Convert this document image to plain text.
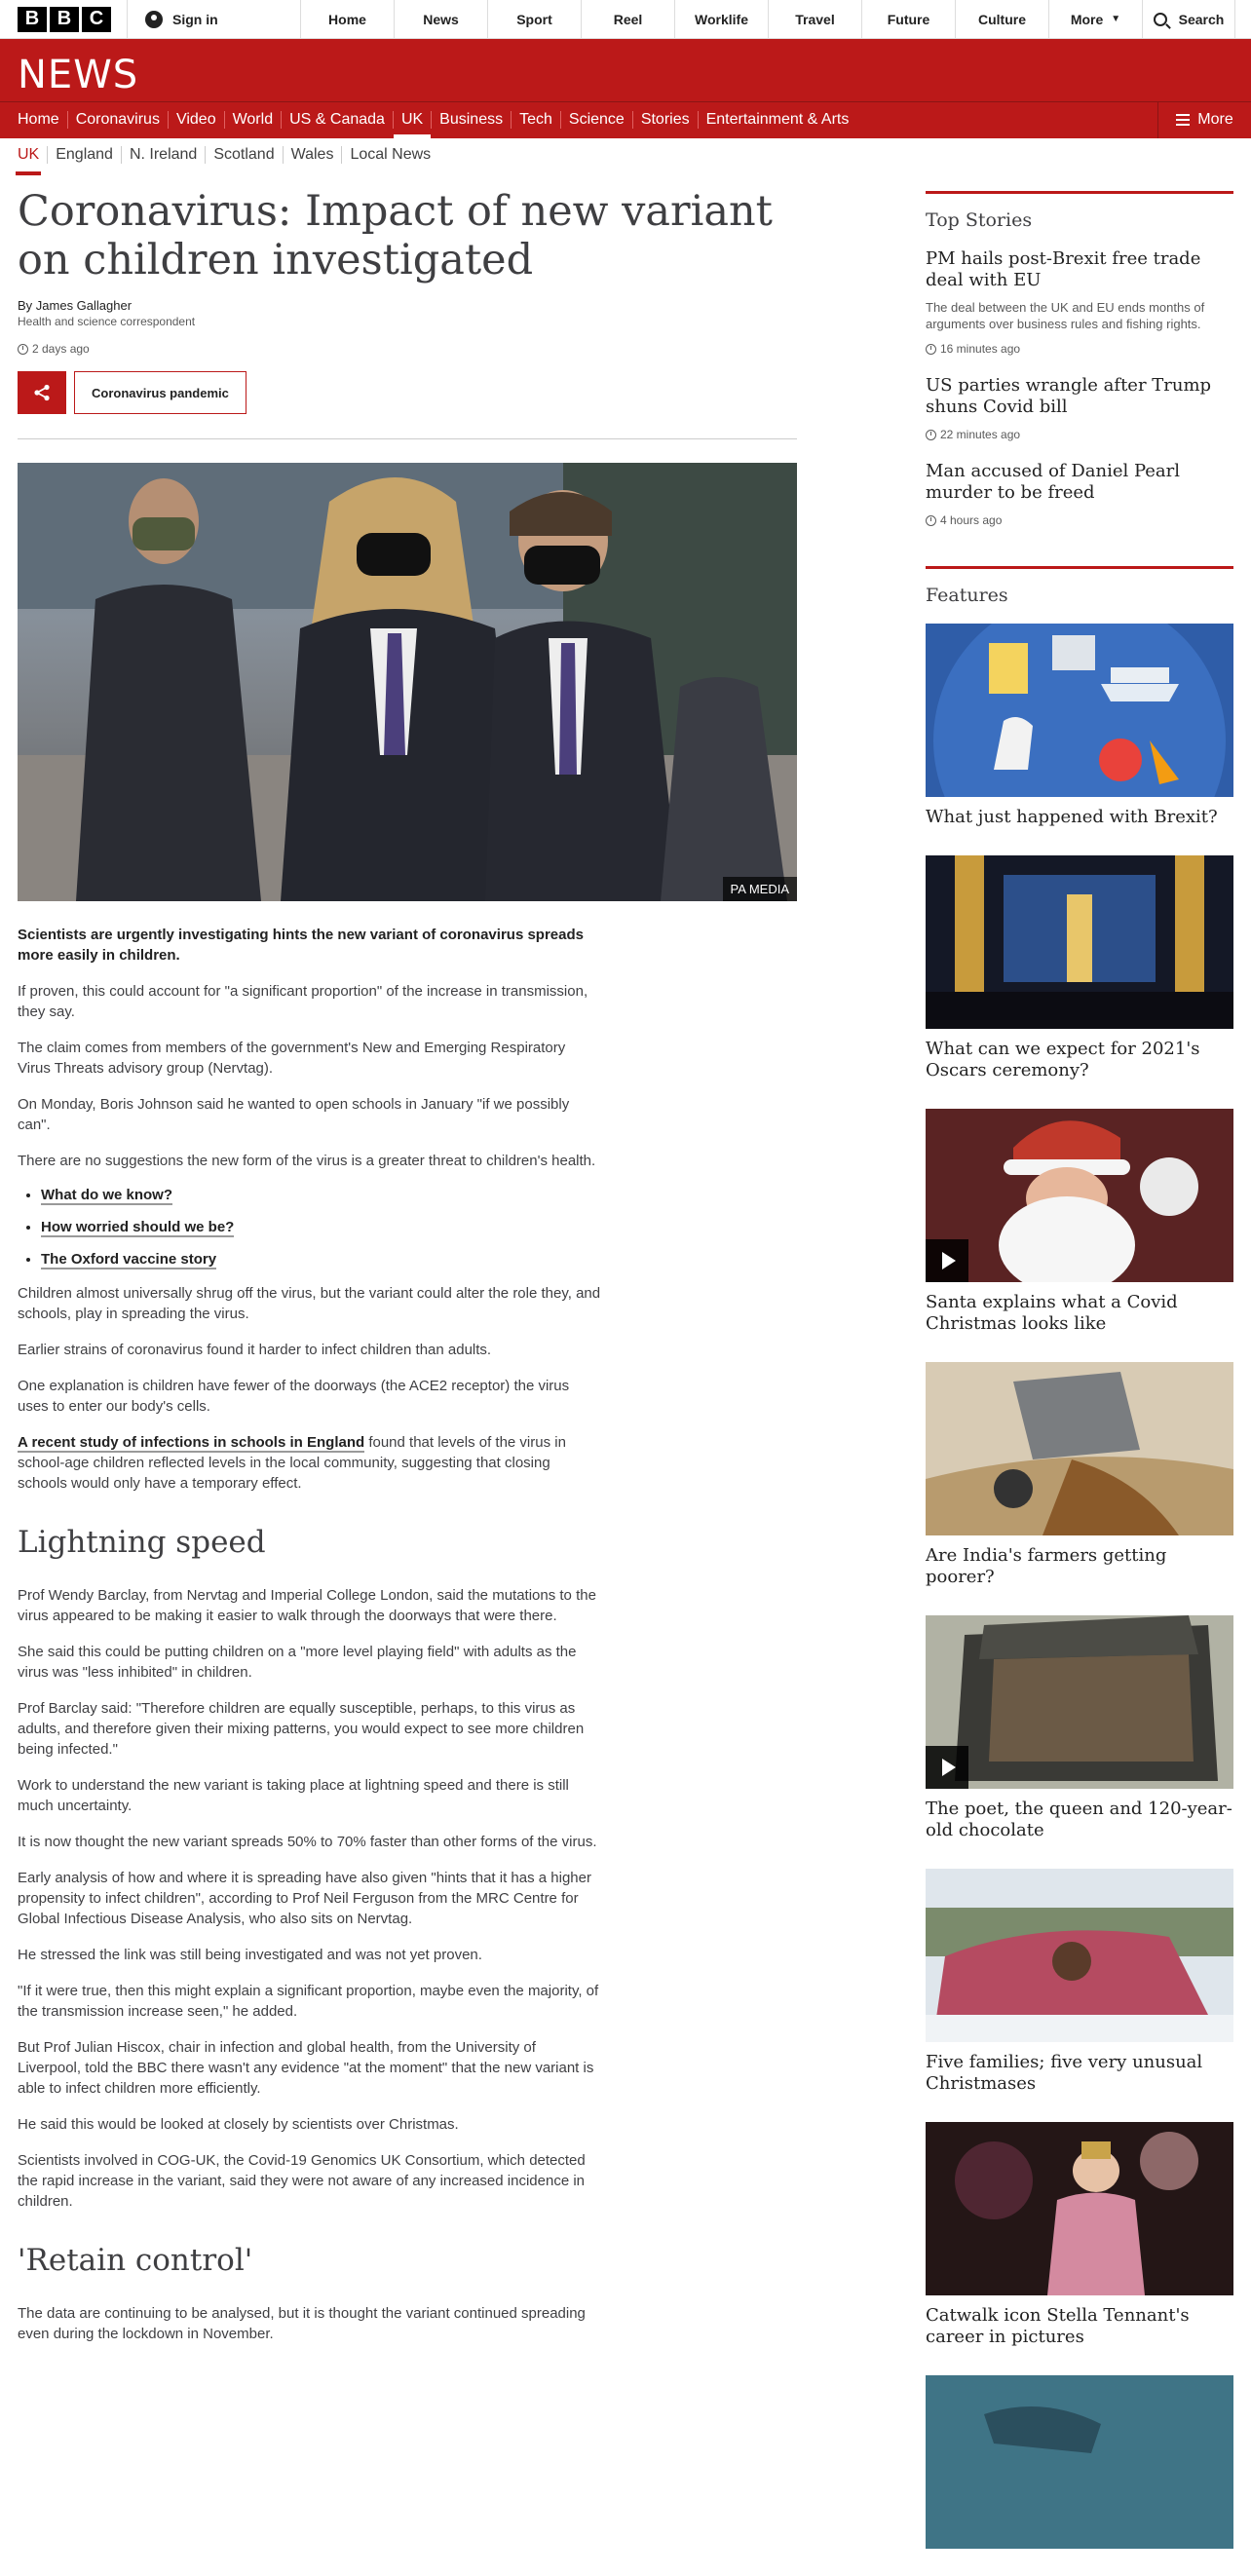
B B C	Sign in	Home	News	Sport	Reel	Worklife	Travel	Future	Culture	More ▼	Search
NEWS
Home	Coronavirus	Video	World	US & Canada	UK	Business	Tech	Science	Stories	Entertainment & Arts	More
UK	England	N. Ireland	Scotland	Wales	Local News
Coronavirus: Impact of new variant on children investigated
By James Gallagher
Health and science correspondent
2 days ago
Coronavirus pandemic
PA MEDIA

Scientists are urgently investigating hints the new variant of coronavirus spreads more easily in children.

If proven, this could account for "a significant proportion" of the increase in transmission, they say.

The claim comes from members of the government's New and Emerging Respiratory Virus Threats advisory group (Nervtag).

On Monday, Boris Johnson said he wanted to open schools in January "if we possibly can".

There are no suggestions the new form of the virus is a greater threat to children's health.

• What do we know?
• How worried should we be?
• The Oxford vaccine story

Children almost universally shrug off the virus, but the variant could alter the role they, and schools, play in spreading the virus.

Earlier strains of coronavirus found it harder to infect children than adults.

One explanation is children have fewer of the doorways (the ACE2 receptor) the virus uses to enter our body's cells.

A recent study of infections in schools in England found that levels of the virus in school-age children reflected levels in the local community, suggesting that closing schools would only have a temporary effect.

Lightning speed

Prof Wendy Barclay, from Nervtag and Imperial College London, said the mutations to the virus appeared to be making it easier to walk through the doorways that were there.

She said this could be putting children on a "more level playing field" with adults as the virus was "less inhibited" in children.

Prof Barclay said: "Therefore children are equally susceptible, perhaps, to this virus as adults, and therefore given their mixing patterns, you would expect to see more children being infected."

Work to understand the new variant is taking place at lightning speed and there is still much uncertainty.

It is now thought the new variant spreads 50% to 70% faster than other forms of the virus.

Early analysis of how and where it is spreading have also given "hints that it has a higher propensity to infect children", according to Prof Neil Ferguson from the MRC Centre for Global Infectious Disease Analysis, who also sits on Nervtag.

He stressed the link was still being investigated and was not yet proven.

"If it were true, then this might explain a significant proportion, maybe even the majority, of the transmission increase seen," he added.

But Prof Julian Hiscox, chair in infection and global health, from the University of Liverpool, told the BBC there wasn't any evidence "at the moment" that the new variant is able to infect children more efficiently.

He said this would be looked at closely by scientists over Christmas.

Scientists involved in COG-UK, the Covid-19 Genomics UK Consortium, which detected the rapid increase in the variant, said they were not aware of any increased incidence in children.

'Retain control'

The data are continuing to be analysed, but it is thought the variant continued spreading even during the lockdown in November.

Top Stories
PM hails post-Brexit free trade deal with EU
The deal between the UK and EU ends months of arguments over business rules and fishing rights.
16 minutes ago
US parties wrangle after Trump shuns Covid bill
22 minutes ago
Man accused of Daniel Pearl murder to be freed
4 hours ago
Features
What just happened with Brexit?
What can we expect for 2021's Oscars ceremony?
Santa explains what a Covid Christmas looks like
Are India's farmers getting poorer?
The poet, the queen and 120-year-old chocolate
Five families; five very unusual Christmases
Catwalk icon Stella Tennant's career in pictures
